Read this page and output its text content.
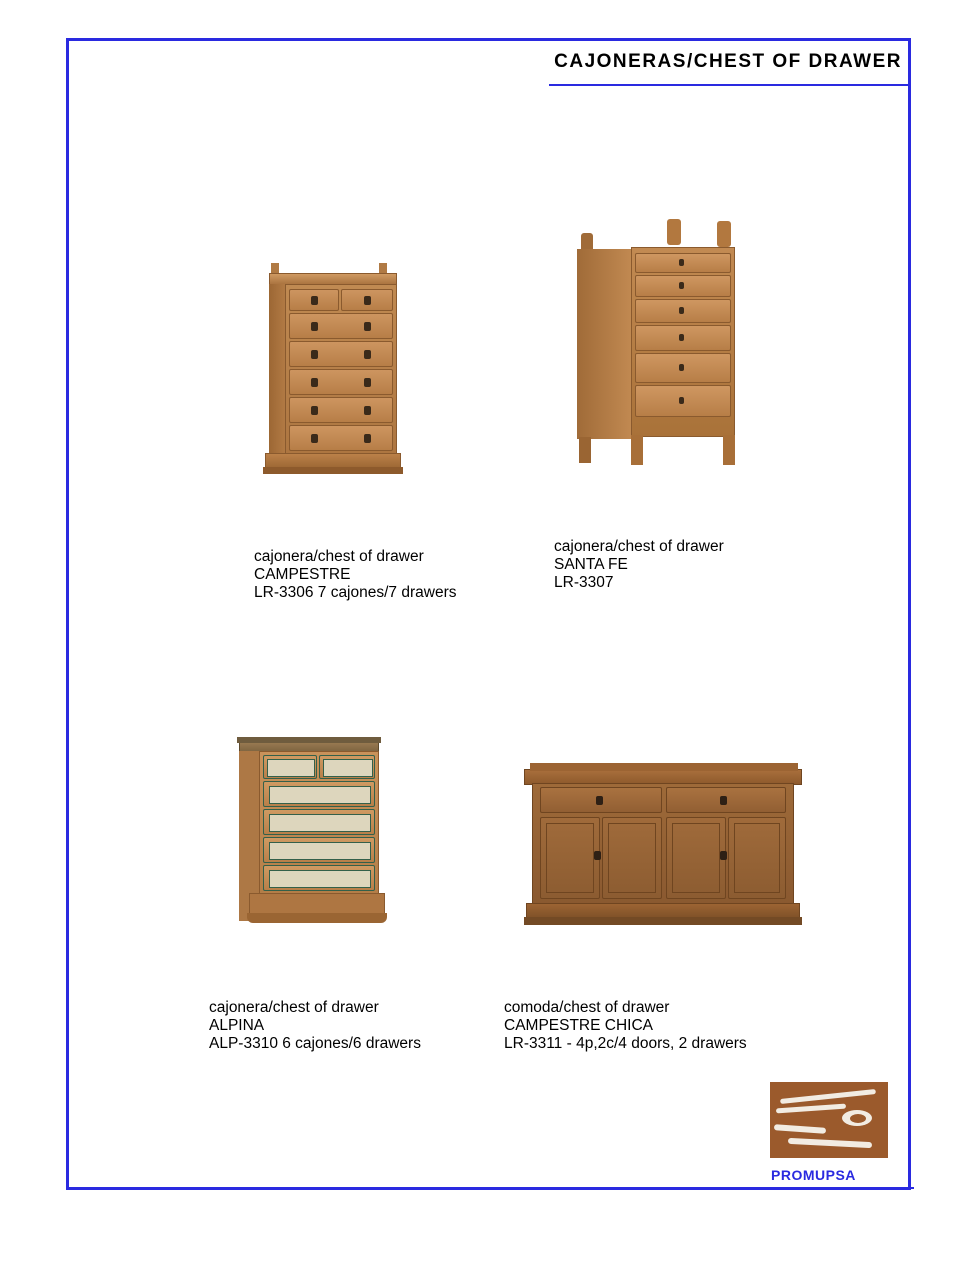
CAJONERAS/CHEST OF DRAWER
cajonera/chest of drawer
CAMPESTRE
LR-3306 7 cajones/7 drawers
cajonera/chest of drawer
SANTA FE
LR-3307
cajonera/chest of drawer
ALPINA
ALP-3310 6 cajones/6 drawers
comoda/chest of drawer
CAMPESTRE CHICA
LR-3311 - 4p,2c/4 doors, 2 drawers
PROMUPSA
